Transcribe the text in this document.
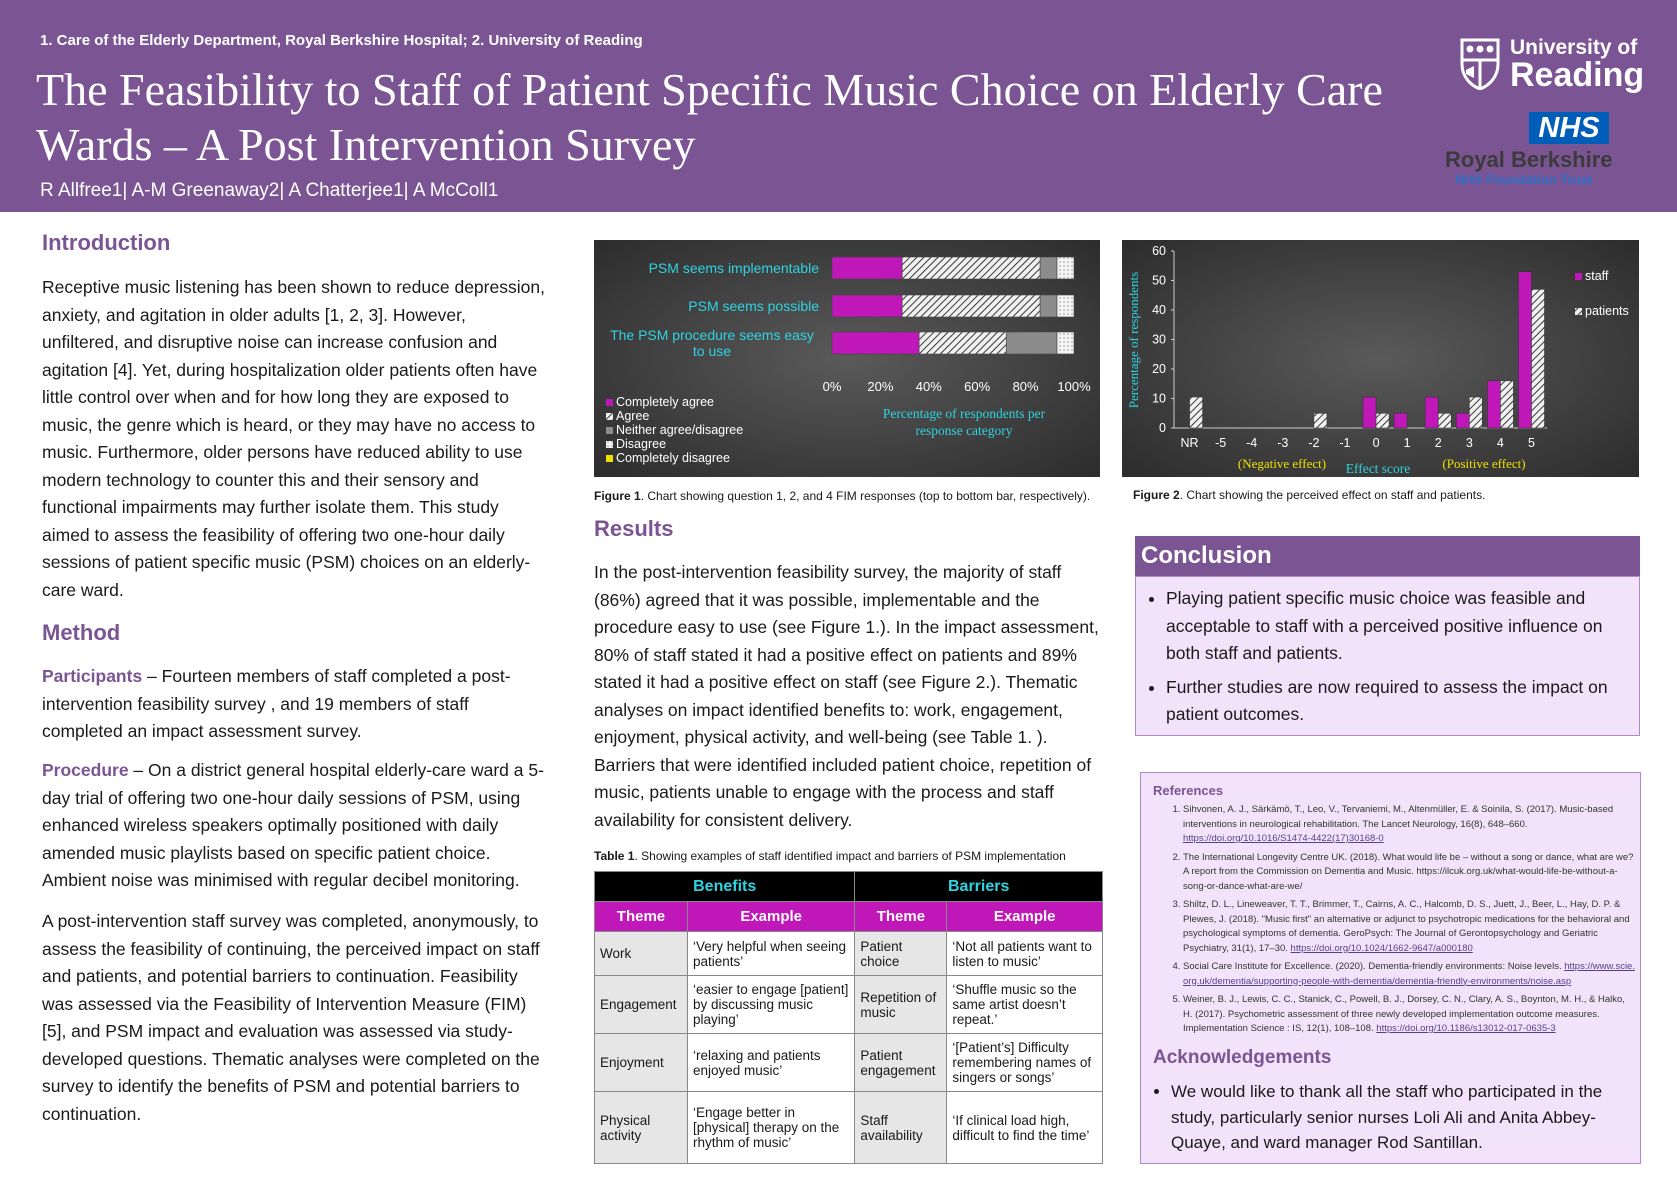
1. Care of the Elderly Department, Royal Berkshire Hospital; 2. University of Reading
The Feasibility to Staff of Patient Specific Music Choice on Elderly Care Wards – A Post Intervention Survey
R Allfree1| A-M Greenaway2| A Chatterjee1| A McColl1
University of
Reading
NHS
Royal Berkshire
NHS Foundation Trust
Introduction
Receptive music listening has been shown to reduce depression, anxiety, and agitation in older adults [1, 2, 3]. However, unfiltered, and disruptive noise can increase confusion and agitation [4]. Yet, during hospitalization older patients often have little control over when and for how long they are exposed to music, the genre which is heard, or they may have no access to music. Furthermore, older persons have reduced ability to use modern technology to counter this and their sensory and functional impairments may further isolate them. This study aimed to assess the feasibility of offering two one-hour daily sessions of patient specific music (PSM) choices on an elderly-care ward.
Method
Participants – Fourteen members of staff completed a post-intervention feasibility survey , and 19 members of staff completed an impact assessment survey.
Procedure – On a district general hospital elderly-care ward a 5-day trial of offering two one-hour daily sessions of PSM, using enhanced wireless speakers optimally positioned with daily amended music playlists based on specific patient choice. Ambient noise was minimised with regular decibel monitoring.
A post-intervention staff survey was completed, anonymously, to assess the feasibility of continuing, the perceived impact on staff and patients, and potential barriers to continuation. Feasibility was assessed via the Feasibility of Intervention Measure (FIM) [5], and PSM impact and evaluation was assessed via study-developed questions. Thematic analyses were completed on the survey to identify the benefits of PSM and potential barriers to continuation.
PSM seems implementable
PSM seems possible
The PSM procedure seems easy
to use
0% 20% 40% 60% 80% 100%
Percentage of respondents per
response category
Completely agree
Agree
Neither agree/disagree
Disagree
Completely disagree
Figure 1. Chart showing question 1, 2, and 4 FIM responses (top to bottom bar, respectively).
0
10
20
30
40
50
60
NR -5 -4 -3 -2 -1 0 1 2 3 4 5
Percentage of respondents
Effect score
(Negative effect)	(Positive effect)
staff
patients
Figure 2. Chart showing the perceived effect on staff and patients.
Results
In the post-intervention feasibility survey, the majority of staff (86%) agreed that it was possible, implementable and the procedure easy to use (see Figure 1.). In the impact assessment, 80% of staff stated it had a positive effect on patients and 89% stated it had a positive effect on staff (see Figure 2.). Thematic analyses on impact identified benefits to: work, engagement, enjoyment, physical activity, and well-being (see Table 1. ). Barriers that were identified included patient choice, repetition of music, patients unable to engage with the process and staff availability for consistent delivery.
Table 1. Showing examples of staff identified impact and barriers of PSM implementation
Benefits		Barriers	
Theme	Example	Theme	Example
Work	‘Very helpful when seeing patients’	Patient choice	‘Not all patients want to listen to music’
Engagement	‘easier to engage [patient] by discussing music playing’	Repetition of music	‘Shuffle music so the same artist doesn’t repeat.’
Enjoyment	‘relaxing and patients enjoyed music’	Patient engagement	‘[Patient’s] Difficulty remembering names of singers or songs’
Physical activity	‘Engage better in [physical] therapy on the rhythm of music’	Staff availability	‘If clinical load high, difficult to find the time’
Conclusion
• Playing patient specific music choice was feasible and acceptable to staff with a perceived positive influence on both staff and patients.
• Further studies are now required to assess the impact on patient outcomes.
References
1. Sihvonen, A. J., Särkämö, T., Leo, V., Tervaniemi, M., Altenmüller, E. & Soinila, S. (2017). Music-based interventions in neurological rehabilitation. The Lancet Neurology, 16(8), 648–660. https://doi.org/10.1016/S1474-4422(17)30168-0
2. The International Longevity Centre UK. (2018). What would life be – without a song or dance, what are we? A report from the Commission on Dementia and Music. https://ilcuk.org.uk/what-would-life-be-without-a-song-or-dance-what-are-we/
3. Shiltz, D. L., Lineweaver, T. T., Brimmer, T., Cairns, A. C., Halcomb, D. S., Juett, J., Beer, L., Hay, D. P. & Plewes, J. (2018). "Music first" an alternative or adjunct to psychotropic medications for the behavioral and psychological symptoms of dementia. GeroPsych: The Journal of Gerontopsychology and Geriatric Psychiatry, 31(1), 17–30. https://doi.org/10.1024/1662-9647/a000180
4. Social Care Institute for Excellence. (2020). Dementia-friendly environments: Noise levels. https://www.scie.org.uk/dementia/supporting-people-with-dementia/dementia-friendly-environments/noise.asp
5. Weiner, B. J., Lewis, C. C., Stanick, C., Powell, B. J., Dorsey, C. N., Clary, A. S., Boynton, M. H., & Halko, H. (2017). Psychometric assessment of three newly developed implementation outcome measures. Implementation Science : IS, 12(1), 108–108. https://doi.org/10.1186/s13012-017-0635-3
Acknowledgements
• We would like to thank all the staff who participated in the study, particularly senior nurses Loli Ali and Anita Abbey-Quaye, and ward manager Rod Santillan.
